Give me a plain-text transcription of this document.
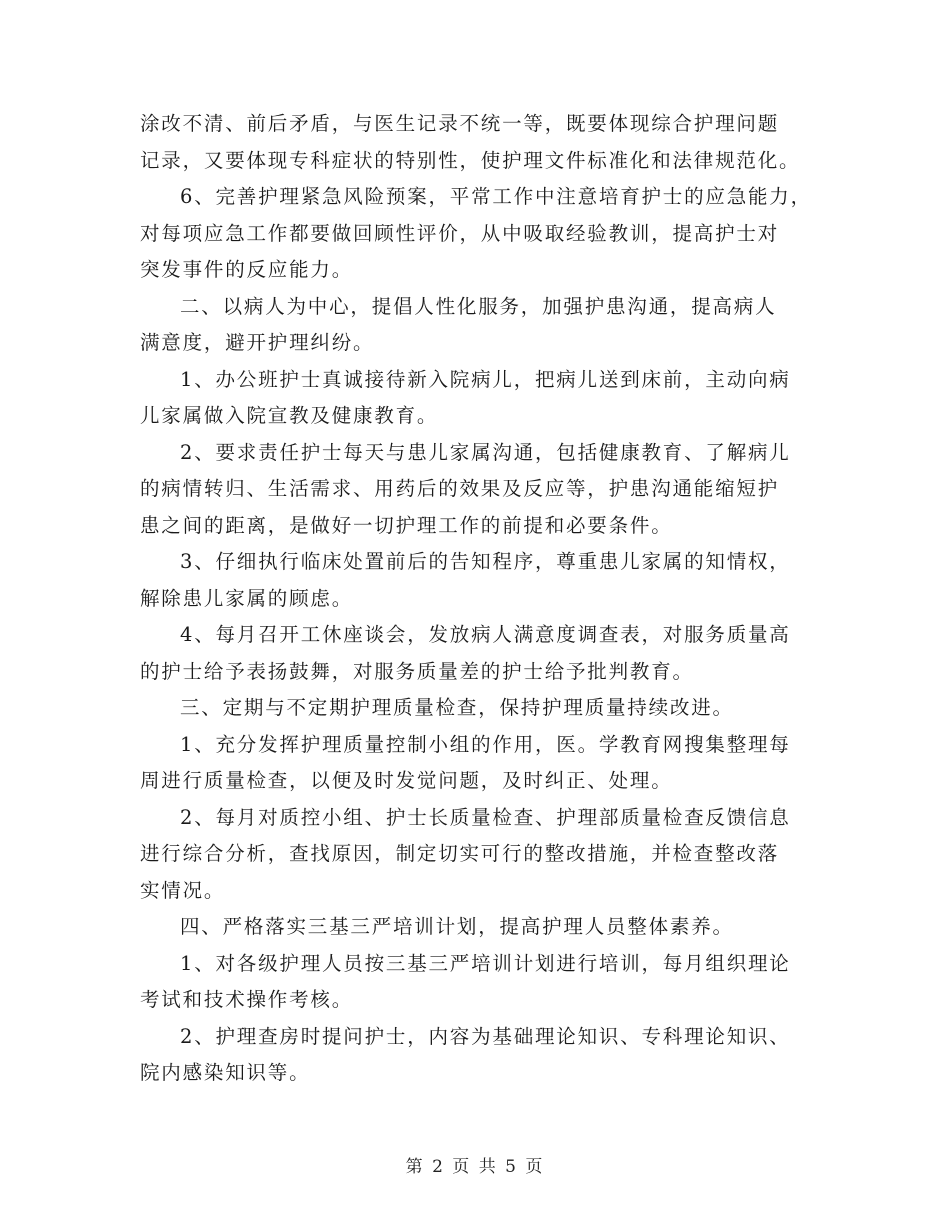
涂改不清、前后矛盾，与医生记录不统一等，既要体现综合护理问题
记录，又要体现专科症状的特别性，使护理文件标准化和法律规范化。

6、完善护理紧急风险预案，平常工作中注意培育护士的应急能力，
对每项应急工作都要做回顾性评价，从中吸取经验教训，提高护士对
突发事件的反应能力。

二、以病人为中心，提倡人性化服务，加强护患沟通，提高病人
满意度，避开护理纠纷。

1、办公班护士真诚接待新入院病儿，把病儿送到床前，主动向病
儿家属做入院宣教及健康教育。

2、要求责任护士每天与患儿家属沟通，包括健康教育、了解病儿
的病情转归、生活需求、用药后的效果及反应等，护患沟通能缩短护
患之间的距离，是做好一切护理工作的前提和必要条件。

3、仔细执行临床处置前后的告知程序，尊重患儿家属的知情权，
解除患儿家属的顾虑。

4、每月召开工休座谈会，发放病人满意度调查表，对服务质量高
的护士给予表扬鼓舞，对服务质量差的护士给予批判教育。

三、定期与不定期护理质量检查，保持护理质量持续改进。

1、充分发挥护理质量控制小组的作用，医。学教育网搜集整理每
周进行质量检查，以便及时发觉问题，及时纠正、处理。

2、每月对质控小组、护士长质量检查、护理部质量检查反馈信息
进行综合分析，查找原因，制定切实可行的整改措施，并检查整改落
实情况。

四、严格落实三基三严培训计划，提高护理人员整体素养。

1、对各级护理人员按三基三严培训计划进行培训，每月组织理论
考试和技术操作考核。

2、护理查房时提问护士，内容为基础理论知识、专科理论知识、
院内感染知识等。

第 2 页 共 5 页
